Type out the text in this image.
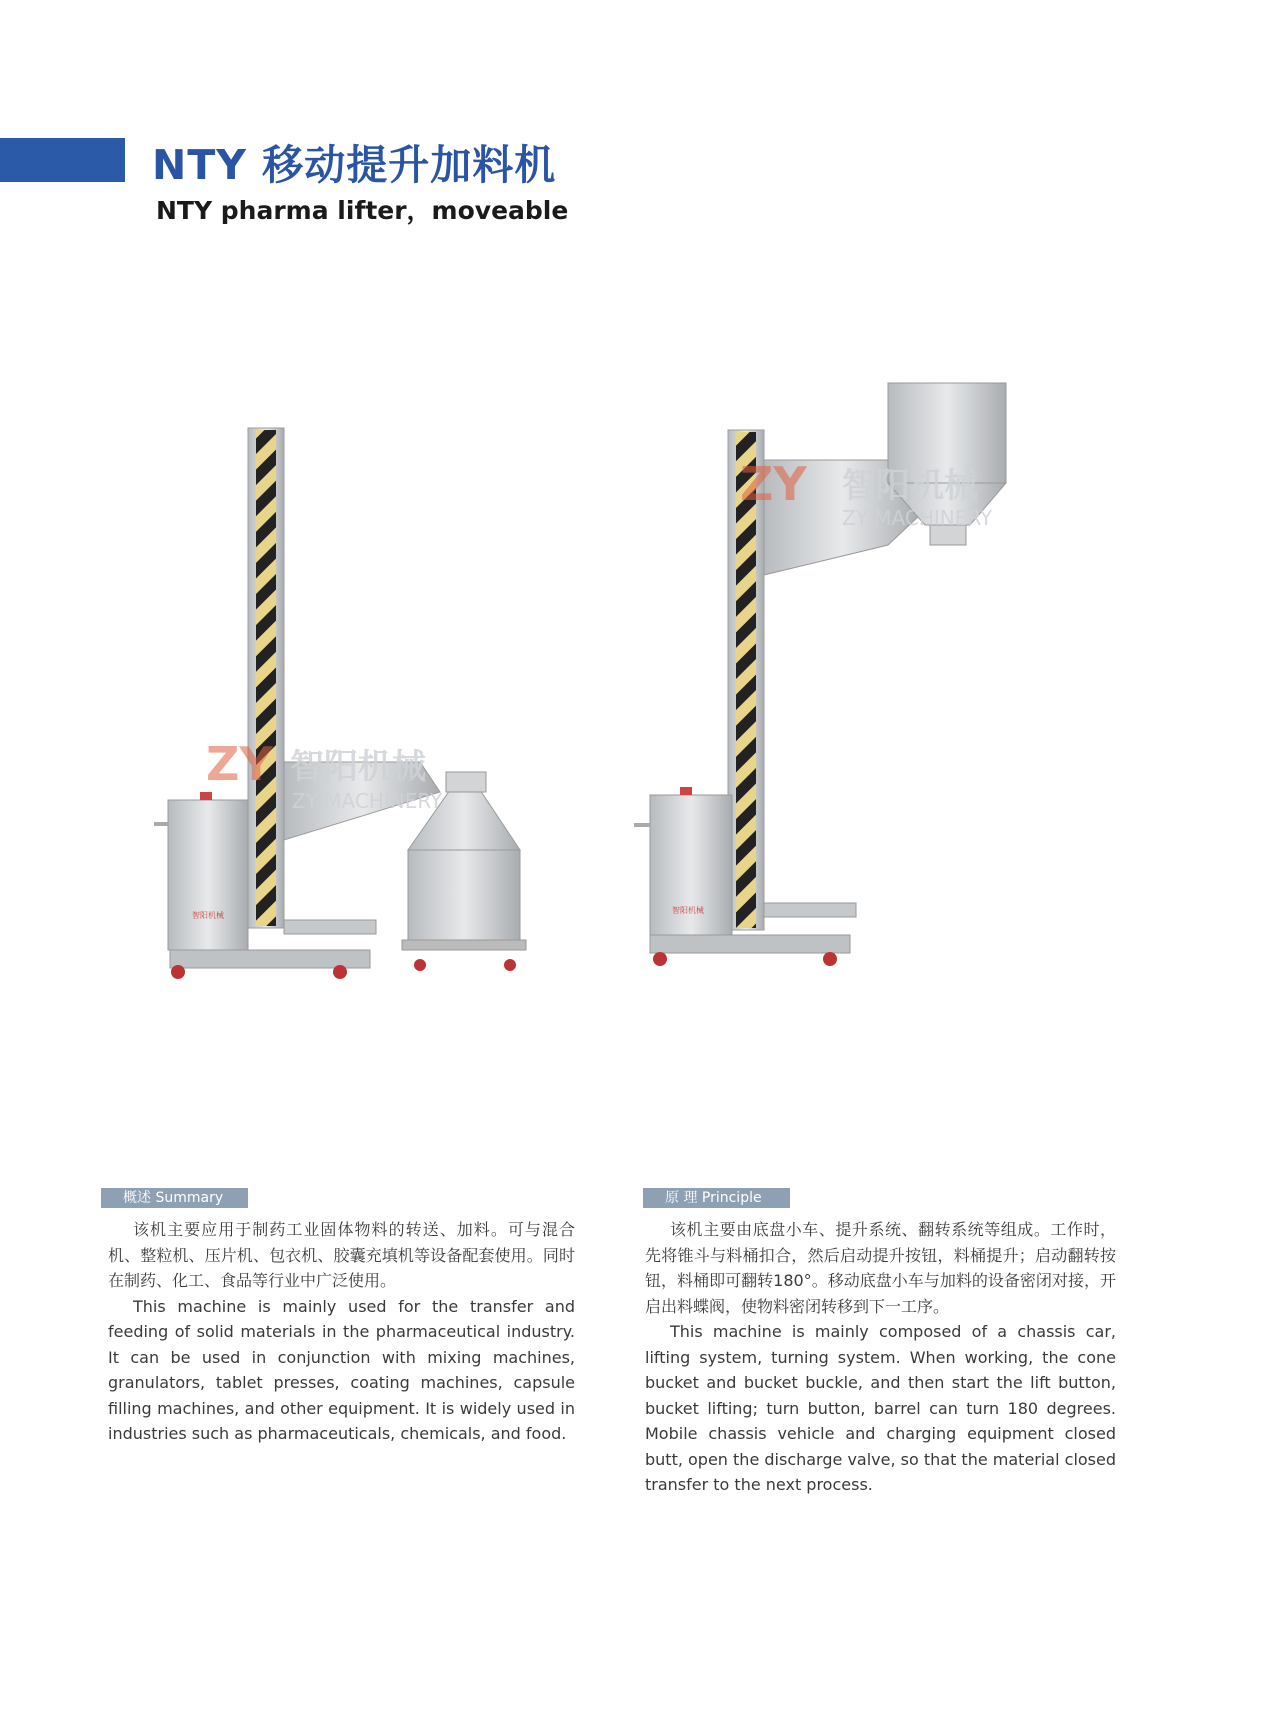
NTY 移动提升加料机
NTY pharma lifter，moveable
ZY 智阳机械
ZY MACHINERY
智阳机械
ZY 智阳机械
ZY MACHINERY
智阳机械
概述 Summary

该机主要应用于制药工业固体物料的转送、加料。可与混合机、整粒机、压片机、包衣机、胶囊充填机等设备配套使用。同时在制药、化工、食品等行业中广泛使用。

This machine is mainly used for the transfer and feeding of solid materials in the pharmaceutical industry. It can be used in conjunction with mixing machines, granulators, tablet presses, coating machines, capsule filling machines, and other equipment. It is widely used in industries such as pharmaceuticals, chemicals, and food.

原 理 Principle

该机主要由底盘小车、提升系统、翻转系统等组成。工作时，先将锥斗与料桶扣合，然后启动提升按钮，料桶提升；启动翻转按钮，料桶即可翻转180°。移动底盘小车与加料的设备密闭对接，开启出料蝶阀，使物料密闭转移到下一工序。

This machine is mainly composed of a chassis car, lifting system, turning system. When working, the cone bucket and bucket buckle, and then start the lift button, bucket lifting; turn button, barrel can turn 180 degrees. Mobile chassis vehicle and charging equipment closed butt, open the discharge valve, so that the material closed transfer to the next process.
